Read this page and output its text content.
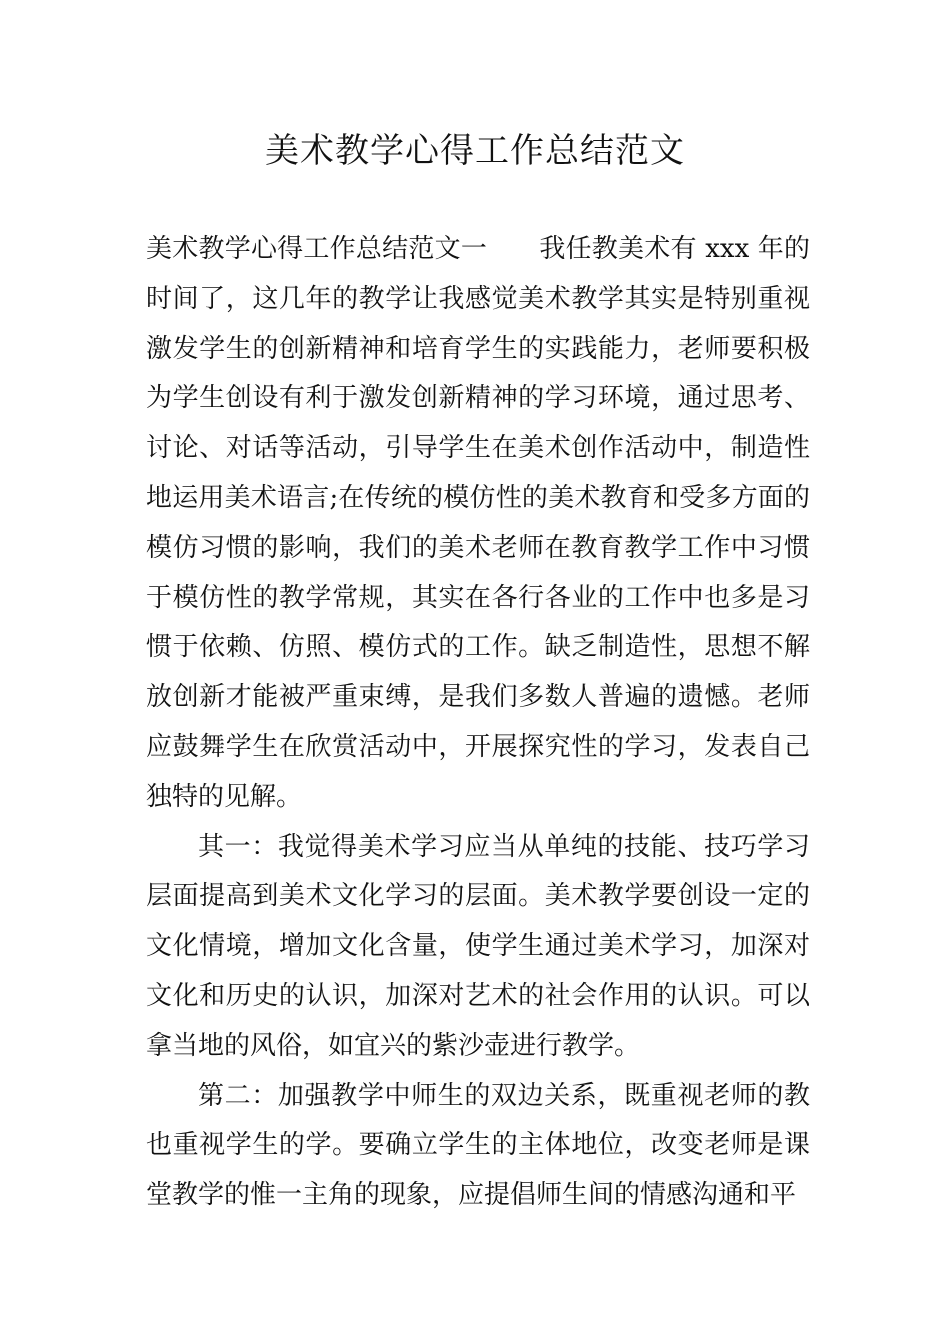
美术教学心得工作总结范文

美术教学心得工作总结范文一 我任教美术有 xxx 年的时间了，这几年的教学让我感觉美术教学其实是特别重视激发学生的创新精神和培育学生的实践能力，老师要积极为学生创设有利于激发创新精神的学习环境，通过思考、讨论、对话等活动，引导学生在美术创作活动中，制造性地运用美术语言;在传统的模仿性的美术教育和受多方面的模仿习惯的影响，我们的美术老师在教育教学工作中习惯于模仿性的教学常规，其实在各行各业的工作中也多是习惯于依赖、仿照、模仿式的工作。缺乏制造性，思想不解放创新才能被严重束缚，是我们多数人普遍的遗憾。老师应鼓舞学生在欣赏活动中，开展探究性的学习，发表自己独特的见解。

其一：我觉得美术学习应当从单纯的技能、技巧学习层面提高到美术文化学习的层面。美术教学要创设一定的文化情境，增加文化含量，使学生通过美术学习，加深对文化和历史的认识，加深对艺术的社会作用的认识。可以拿当地的风俗，如宜兴的紫沙壶进行教学。

第二：加强教学中师生的双边关系，既重视老师的教也重视学生的学。要确立学生的主体地位，改变老师是课堂教学的惟一主角的现象，应提倡师生间的情感沟通和平
